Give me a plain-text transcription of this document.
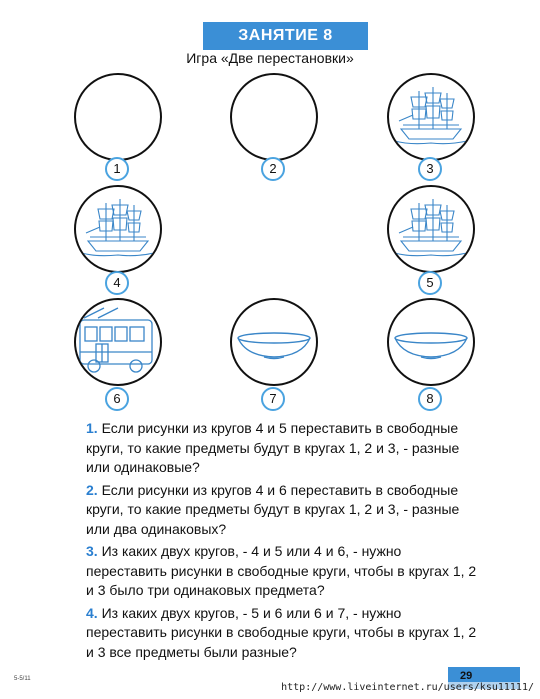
ЗАНЯТИЕ 8
Игра «Две перестановки»
1	2	3
4	5
6	7	8

1. Если рисунки из кругов 4 и 5 переставить в свободные круги, то какие предметы будут в кругах 1, 2 и 3, - разные или одинаковые?

2. Если рисунки из кругов 4 и 6 переставить в свободные круги, то какие предметы будут в кругах 1, 2 и 3, - разные или два одинаковых?

3. Из каких двух кругов, - 4 и 5 или 4 и 6, - нужно переставить рисунки в свободные круги, чтобы в кругах 1, 2 и 3 было три одинаковых предмета?

4. Из каких двух кругов, - 5 и 6 или 6 и 7, - нужно переставить рисунки в свободные круги, чтобы в кругах 1, 2 и 3 все предметы были разные?

5-5/11	29
http://www.liveinternet.ru/users/ksu11111/
